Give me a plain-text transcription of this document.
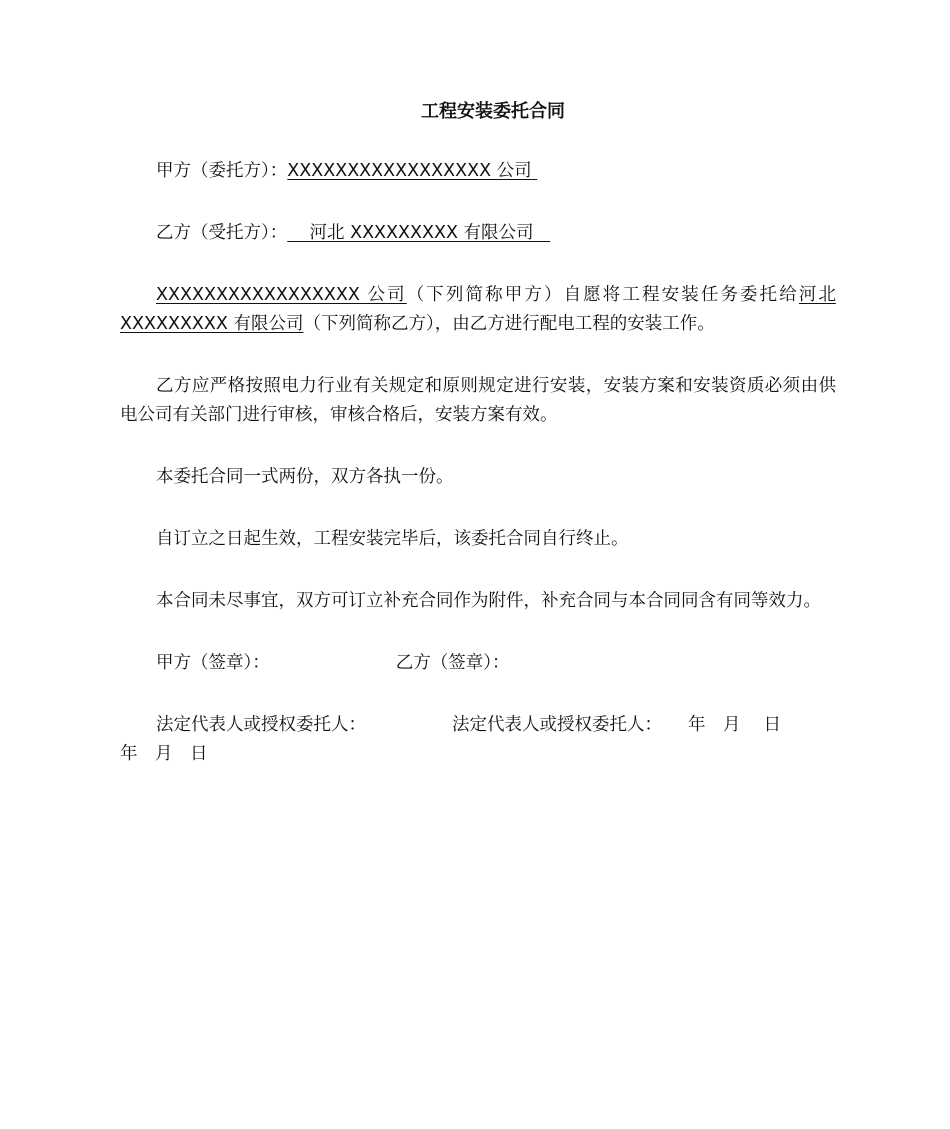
工程安装委托合同
甲方（委托方）：XXXXXXXXXXXXXXXXX 公司
乙方（受托方）： 河北 XXXXXXXXX 有限公司
XXXXXXXXXXXXXXXXX 公司（下列简称甲方）自愿将工程安装任务委托给河北 XXXXXXXXX 有限公司（下列简称乙方），由乙方进行配电工程的安装工作。
乙方应严格按照电力行业有关规定和原则规定进行安装，安装方案和安装资质必须由供电公司有关部门进行审核，审核合格后，安装方案有效。
本委托合同一式两份，双方各执一份。
自订立之日起生效，工程安装完毕后，该委托合同自行终止。
本合同未尽事宜，双方可订立补充合同作为附件，补充合同与本合同同含有同等效力。
甲方（签章）：	乙方（签章）：
法定代表人或授权委托人：	法定代表人或授权委托人： 年　月　 日
年　月　日
